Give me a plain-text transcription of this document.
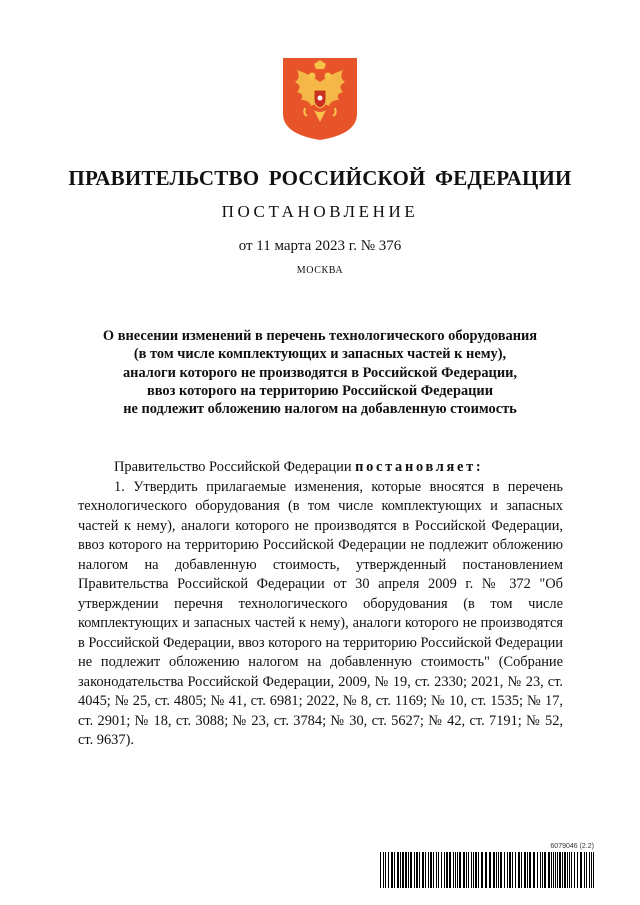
ПРАВИТЕЛЬСТВО РОССИЙСКОЙ ФЕДЕРАЦИИ
ПОСТАНОВЛЕНИЕ
от 11 марта 2023 г. № 376
МОСКВА
О внесении изменений в перечень технологического оборудования
(в том числе комплектующих и запасных частей к нему),
аналоги которого не производятся в Российской Федерации,
ввоз которого на территорию Российской Федерации
не подлежит обложению налогом на добавленную стоимость

Правительство Российской Федерации постановляет:

1. Утвердить прилагаемые изменения, которые вносятся в перечень технологического оборудования (в том числе комплектующих и запасных частей к нему), аналоги которого не производятся в Российской Федерации, ввоз которого на территорию Российской Федерации не подлежит обложению налогом на добавленную стоимость, утвержденный постановлением Правительства Российской Федерации от 30 апреля 2009 г. № 372 "Об утверждении перечня технологического оборудования (в том числе комплектующих и запасных частей к нему), аналоги которого не производятся в Российской Федерации, ввоз которого на территорию Российской Федерации не подлежит обложению налогом на добавленную стоимость" (Собрание законодательства Российской Федерации, 2009, № 19, ст. 2330; 2021, № 23, ст. 4045; № 25, ст. 4805; № 41, ст. 6981; 2022, № 8, ст. 1169; № 10, ст. 1535; № 17, ст. 2901; № 18, ст. 3088; № 23, ст. 3784; № 30, ст. 5627; № 42, ст. 7191; № 52, ст. 9637).

6079046 (2.2)
